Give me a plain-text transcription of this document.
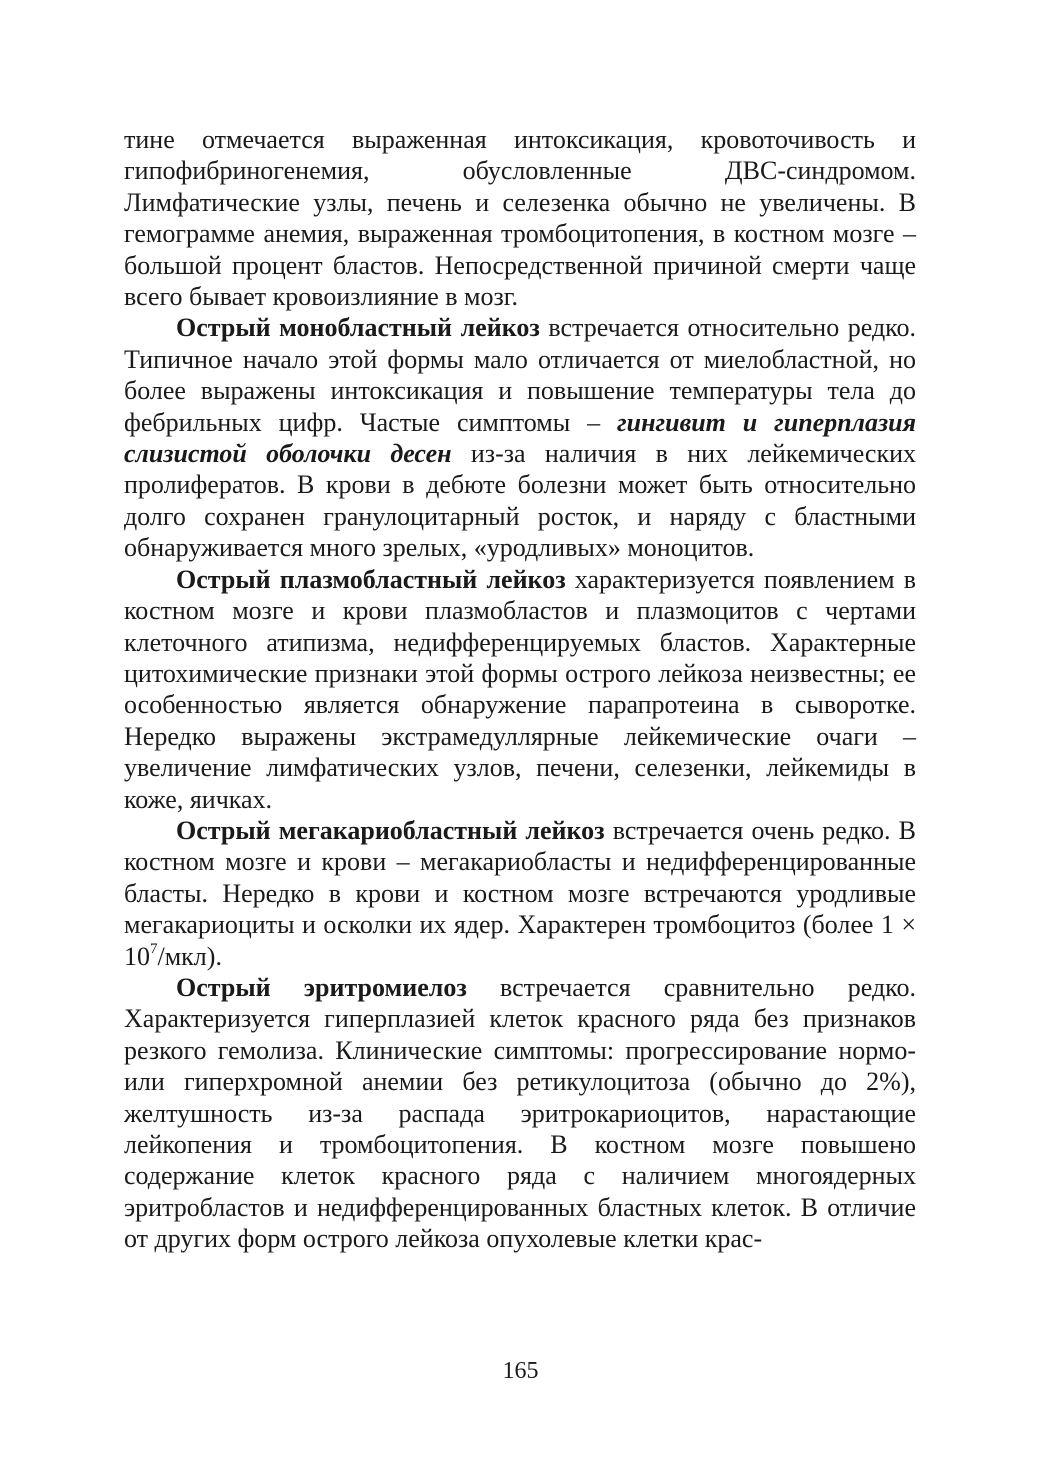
тине отмечается выраженная интоксикация, кровоточивость и гипофибриногенемия, обусловленные ДВС-синдромом. Лимфатические узлы, печень и селезенка обычно не увеличены. В гемограмме анемия, выраженная тромбоцитопения, в костном мозге – большой процент бластов. Непосредственной причиной смерти чаще всего бывает кровоизлияние в мозг.

Острый монобластный лейкоз встречается относительно редко. Типичное начало этой формы мало отличается от миелобластной, но более выражены интоксикация и повышение температуры тела до фебрильных цифр. Частые симптомы – гингивит и гиперплазия слизистой оболочки десен из-за наличия в них лейкемических пролифератов. В крови в дебюте болезни может быть относительно долго сохранен гранулоцитарный росток, и наряду с бластными обнаруживается много зрелых, «уродливых» моноцитов.

Острый плазмобластный лейкоз характеризуется появлением в костном мозге и крови плазмобластов и плазмоцитов с чертами клеточного атипизма, недифференцируемых бластов. Характерные цитохимические признаки этой формы острого лейкоза неизвестны; ее особенностью является обнаружение парапротеина в сыворотке. Нередко выражены экстрамедуллярные лейкемические очаги – увеличение лимфатических узлов, печени, селезенки, лейкемиды в коже, яичках.

Острый мегакариобластный лейкоз встречается очень редко. В костном мозге и крови – мегакариобласты и недифференцированные бласты. Нередко в крови и костном мозге встречаются уродливые мегакариоциты и осколки их ядер. Характерен тромбоцитоз (более $1 \times 10^7/мкл$).

Острый эритромиелоз встречается сравнительно редко. Характеризуется гиперплазией клеток красного ряда без признаков резкого гемолиза. Клинические симптомы: прогрессирование нормо- или гиперхромной анемии без ретикулоцитоза (обычно до 2%), желтушность из-за распада эритрокариоцитов, нарастающие лейкопения и тромбоцитопения. В костном мозге повышено содержание клеток красного ряда с наличием многоядерных эритробластов и недифференцированных бластных клеток. В отличие от других форм острого лейкоза опухолевые клетки крас-

165
